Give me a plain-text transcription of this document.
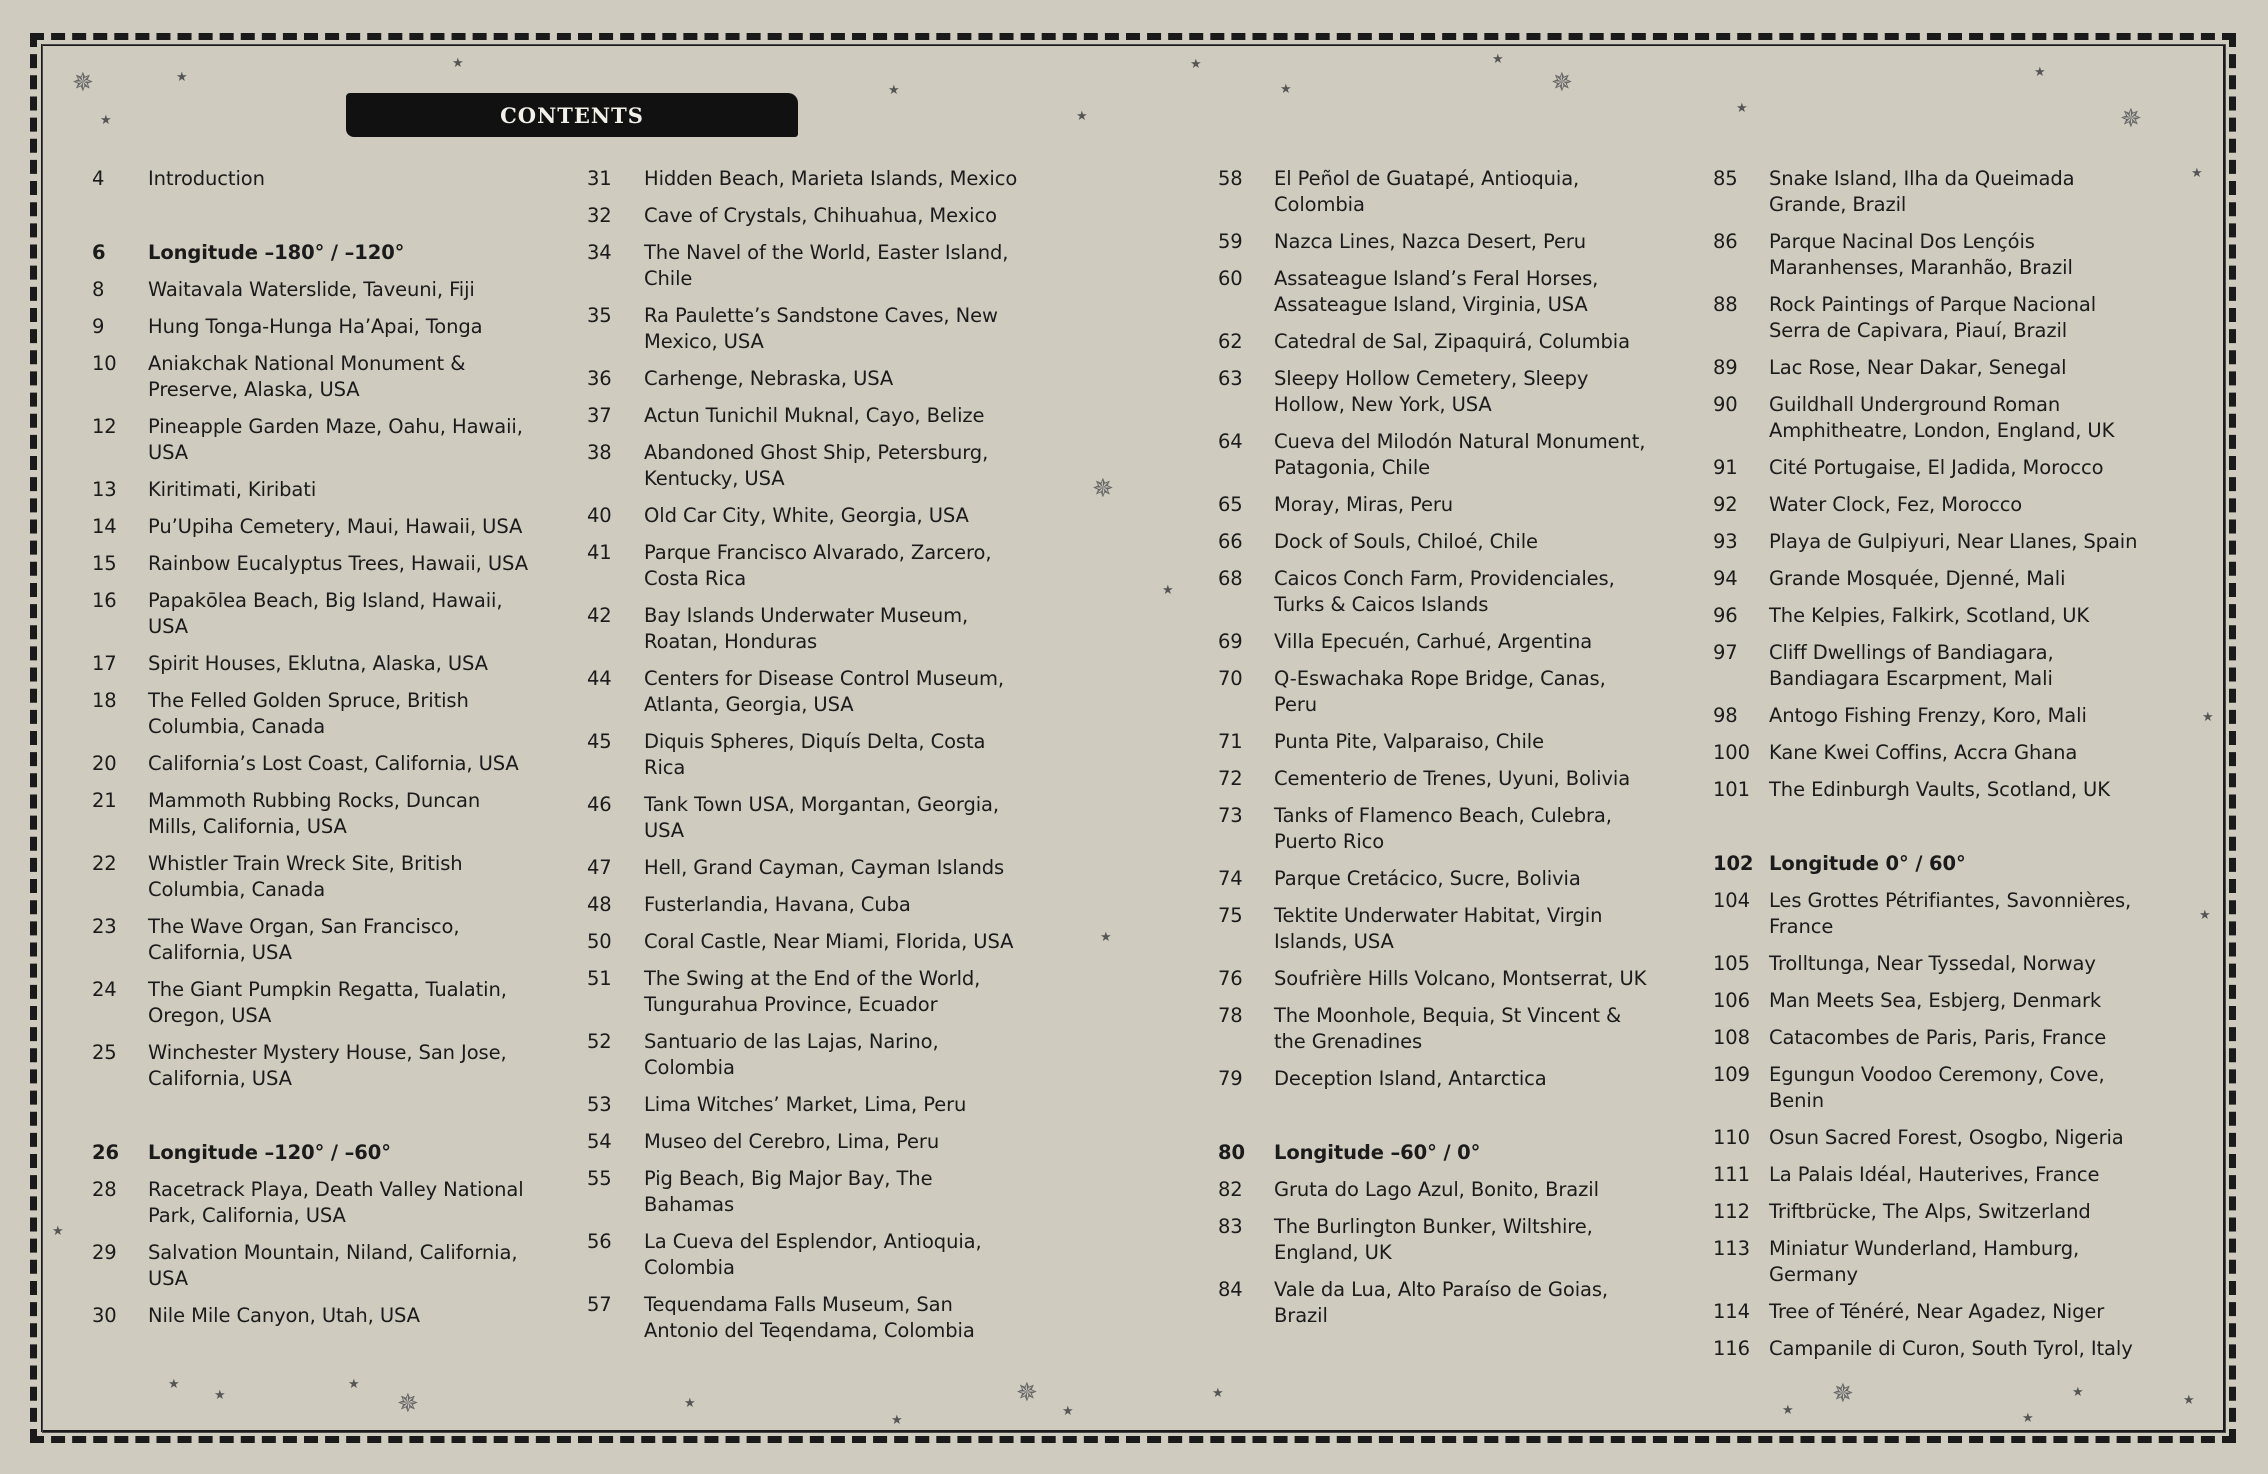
CONTENTS
4	Introduction
6	Longitude –180° / –120°
8	Waitavala Waterslide, Taveuni, Fiji
9	Hung Tonga-Hunga Ha’Apai, Tonga
10	Aniakchak National Monument & Preserve, Alaska, USA
12	Pineapple Garden Maze, Oahu, Hawaii, USA
13	Kiritimati, Kiribati
14	Pu’Upiha Cemetery, Maui, Hawaii, USA
15	Rainbow Eucalyptus Trees, Hawaii, USA
16	Papakōlea Beach, Big Island, Hawaii, USA
17	Spirit Houses, Eklutna, Alaska, USA
18	The Felled Golden Spruce, British Columbia, Canada
20	California’s Lost Coast, California, USA
21	Mammoth Rubbing Rocks, Duncan Mills, California, USA
22	Whistler Train Wreck Site, British Columbia, Canada
23	The Wave Organ, San Francisco, California, USA
24	The Giant Pumpkin Regatta, Tualatin, Oregon, USA
25	Winchester Mystery House, San Jose, California, USA
26	Longitude –120° / –60°
28	Racetrack Playa, Death Valley National Park, California, USA
29	Salvation Mountain, Niland, California, USA
30	Nile Mile Canyon, Utah, USA
31	Hidden Beach, Marieta Islands, Mexico
32	Cave of Crystals, Chihuahua, Mexico
34	The Navel of the World, Easter Island, Chile
35	Ra Paulette’s Sandstone Caves, New Mexico, USA
36	Carhenge, Nebraska, USA
37	Actun Tunichil Muknal, Cayo, Belize
38	Abandoned Ghost Ship, Petersburg, Kentucky, USA
40	Old Car City, White, Georgia, USA
41	Parque Francisco Alvarado, Zarcero, Costa Rica
42	Bay Islands Underwater Museum, Roatan, Honduras
44	Centers for Disease Control Museum, Atlanta, Georgia, USA
45	Diquis Spheres, Diquís Delta, Costa Rica
46	Tank Town USA, Morgantan, Georgia, USA
47	Hell, Grand Cayman, Cayman Islands
48	Fusterlandia, Havana, Cuba
50	Coral Castle, Near Miami, Florida, USA
51	The Swing at the End of the World, Tungurahua Province, Ecuador
52	Santuario de las Lajas, Narino, Colombia
53	Lima Witches’ Market, Lima, Peru
54	Museo del Cerebro, Lima, Peru
55	Pig Beach, Big Major Bay, The Bahamas
56	La Cueva del Esplendor, Antioquia, Colombia
57	Tequendama Falls Museum, San Antonio del Teqendama, Colombia
58	El Peñol de Guatapé, Antioquia, Colombia
59	Nazca Lines, Nazca Desert, Peru
60	Assateague Island’s Feral Horses, Assateague Island, Virginia, USA
62	Catedral de Sal, Zipaquirá, Columbia
63	Sleepy Hollow Cemetery, Sleepy Hollow, New York, USA
64	Cueva del Milodón Natural Monument, Patagonia, Chile
65	Moray, Miras, Peru
66	Dock of Souls, Chiloé, Chile
68	Caicos Conch Farm, Providenciales, Turks & Caicos Islands
69	Villa Epecuén, Carhué, Argentina
70	Q-Eswachaka Rope Bridge, Canas, Peru
71	Punta Pite, Valparaiso, Chile
72	Cementerio de Trenes, Uyuni, Bolivia
73	Tanks of Flamenco Beach, Culebra, Puerto Rico
74	Parque Cretácico, Sucre, Bolivia
75	Tektite Underwater Habitat, Virgin Islands, USA
76	Soufrière Hills Volcano, Montserrat, UK
78	The Moonhole, Bequia, St Vincent & the Grenadines
79	Deception Island, Antarctica
80	Longitude –60° / 0°
82	Gruta do Lago Azul, Bonito, Brazil
83	The Burlington Bunker, Wiltshire, England, UK
84	Vale da Lua, Alto Paraíso de Goias, Brazil
85	Snake Island, Ilha da Queimada Grande, Brazil
86	Parque Nacinal Dos Lençóis Maranhenses, Maranhão, Brazil
88	Rock Paintings of Parque Nacional Serra de Capivara, Piauí, Brazil
89	Lac Rose, Near Dakar, Senegal
90	Guildhall Underground Roman Amphitheatre, London, England, UK
91	Cité Portugaise, El Jadida, Morocco
92	Water Clock, Fez, Morocco
93	Playa de Gulpiyuri, Near Llanes, Spain
94	Grande Mosquée, Djenné, Mali
96	The Kelpies, Falkirk, Scotland, UK
97	Cliff Dwellings of Bandiagara, Bandiagara Escarpment, Mali
98	Antogo Fishing Frenzy, Koro, Mali
100 Kane Kwei Coffins, Accra Ghana
101 The Edinburgh Vaults, Scotland, UK
102 Longitude 0° / 60°
104 Les Grottes Pétrifiantes, Savonnières, France
105 Trolltunga, Near Tyssedal, Norway
106 Man Meets Sea, Esbjerg, Denmark
108 Catacombes de Paris, Paris, France
109 Egungun Voodoo Ceremony, Cove, Benin
110 Osun Sacred Forest, Osogbo, Nigeria
111 La Palais Idéal, Hauterives, France
112 Triftbrücke, The Alps, Switzerland
113 Miniatur Wunderland, Hamburg, Germany
114 Tree of Ténéré, Near Agadez, Niger
116 Campanile di Curon, South Tyrol, Italy
✵	★
★
★	★
★
★
★	✵
★
★
★
✵
★
✵
★
★
★
★
★
★
★
★
✵	★	✵
★
★
★	✵	★
★
★
★
